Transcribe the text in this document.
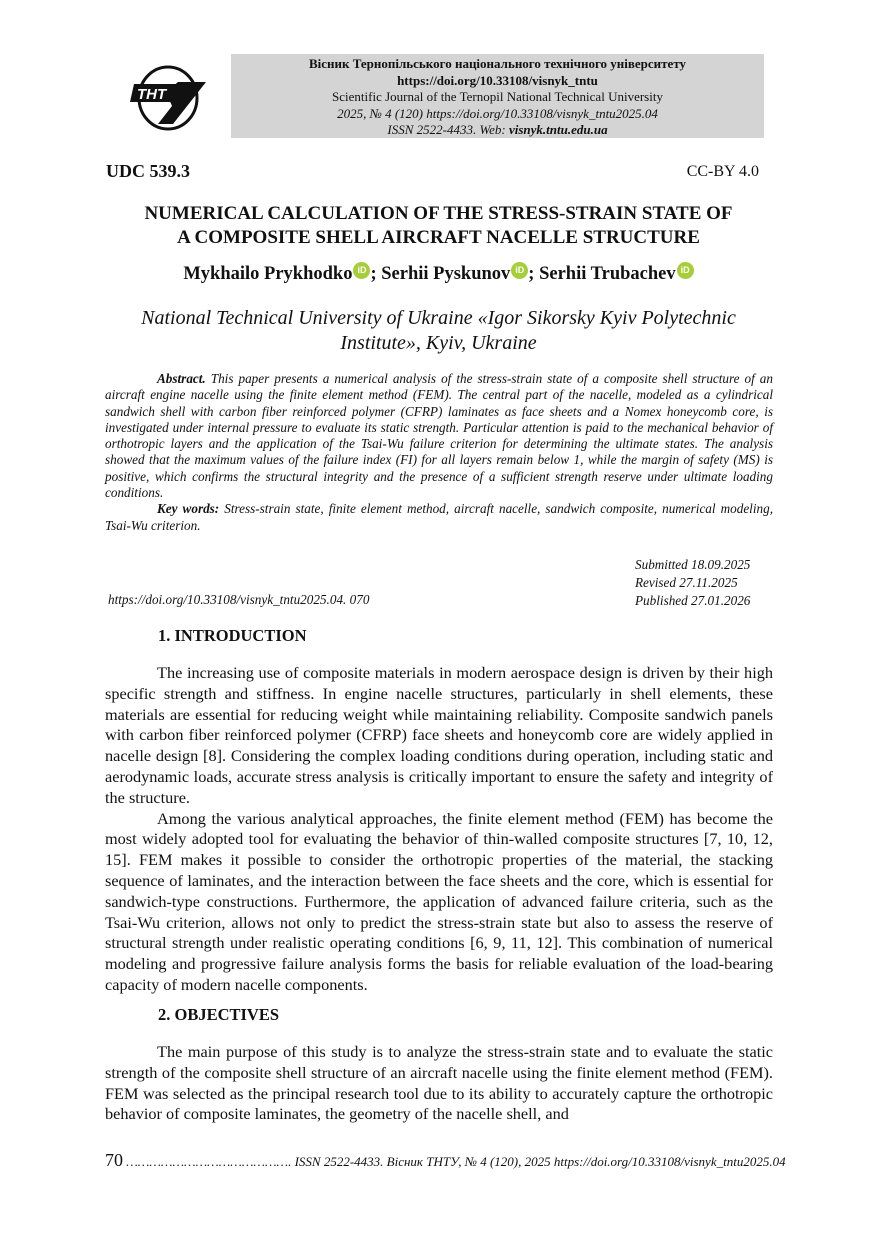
THT
Вісник Тернопільського національного технічного університету
https://doi.org/10.33108/visnyk_tntu
Scientific Journal of the Ternopil National Technical University
2025, № 4 (120) https://doi.org/10.33108/visnyk_tntu2025.04
ISSN 2522-4433. Web: visnyk.tntu.edu.ua
UDC 539.3	CC-BY 4.0
NUMERICAL CALCULATION OF THE STRESS-STRAIN STATE OF
A COMPOSITE SHELL AIRCRAFT NACELLE STRUCTURE
Mykhailo Prykhodko iD ; Serhii Pyskunov iD ; Serhii Trubachev iD
National Technical University of Ukraine «Igor Sikorsky Kyiv Polytechnic
Institute», Kyiv, Ukraine

Abstract. This paper presents a numerical analysis of the stress-strain state of a composite shell structure of an aircraft engine nacelle using the finite element method (FEM). The central part of the nacelle, modeled as a cylindrical sandwich shell with carbon fiber reinforced polymer (CFRP) laminates as face sheets and a Nomex honeycomb core, is investigated under internal pressure to evaluate its static strength. Particular attention is paid to the mechanical behavior of orthotropic layers and the application of the Tsai-Wu failure criterion for determining the ultimate states. The analysis showed that the maximum values of the failure index (FI) for all layers remain below 1, while the margin of safety (MS) is positive, which confirms the structural integrity and the presence of a sufficient strength reserve under ultimate loading conditions.

Key words: Stress-strain state, finite element method, aircraft nacelle, sandwich composite, numerical modeling, Tsai-Wu criterion.

Submitted 18.09.2025
Revised 27.11.2025
Published 27.01.2026
https://doi.org/10.33108/visnyk_tntu2025.04. 070
1. INTRODUCTION

The increasing use of composite materials in modern aerospace design is driven by their high specific strength and stiffness. In engine nacelle structures, particularly in shell elements, these materials are essential for reducing weight while maintaining reliability. Composite sandwich panels with carbon fiber reinforced polymer (CFRP) face sheets and honeycomb core are widely applied in nacelle design [8]. Considering the complex loading conditions during operation, including static and aerodynamic loads, accurate stress analysis is critically important to ensure the safety and integrity of the structure.

Among the various analytical approaches, the finite element method (FEM) has become the most widely adopted tool for evaluating the behavior of thin-walled composite structures [7, 10, 12, 15]. FEM makes it possible to consider the orthotropic properties of the material, the stacking sequence of laminates, and the interaction between the face sheets and the core, which is essential for sandwich-type constructions. Furthermore, the application of advanced failure criteria, such as the Tsai-Wu criterion, allows not only to predict the stress-strain state but also to assess the reserve of structural strength under realistic operating conditions [6, 9, 11, 12]. This combination of numerical modeling and progressive failure analysis forms the basis for reliable evaluation of the load-bearing capacity of modern nacelle components.

2. OBJECTIVES

The main purpose of this study is to analyze the stress-strain state and to evaluate the static strength of the composite shell structure of an aircraft nacelle using the finite element method (FEM). FEM was selected as the principal research tool due to its ability to accurately capture the orthotropic behavior of composite laminates, the geometry of the nacelle shell, and

70 ……………………………………. ISSN 2522-4433. Вісник ТНТУ, № 4 (120), 2025 https://doi.org/10.33108/visnyk_tntu2025.04
